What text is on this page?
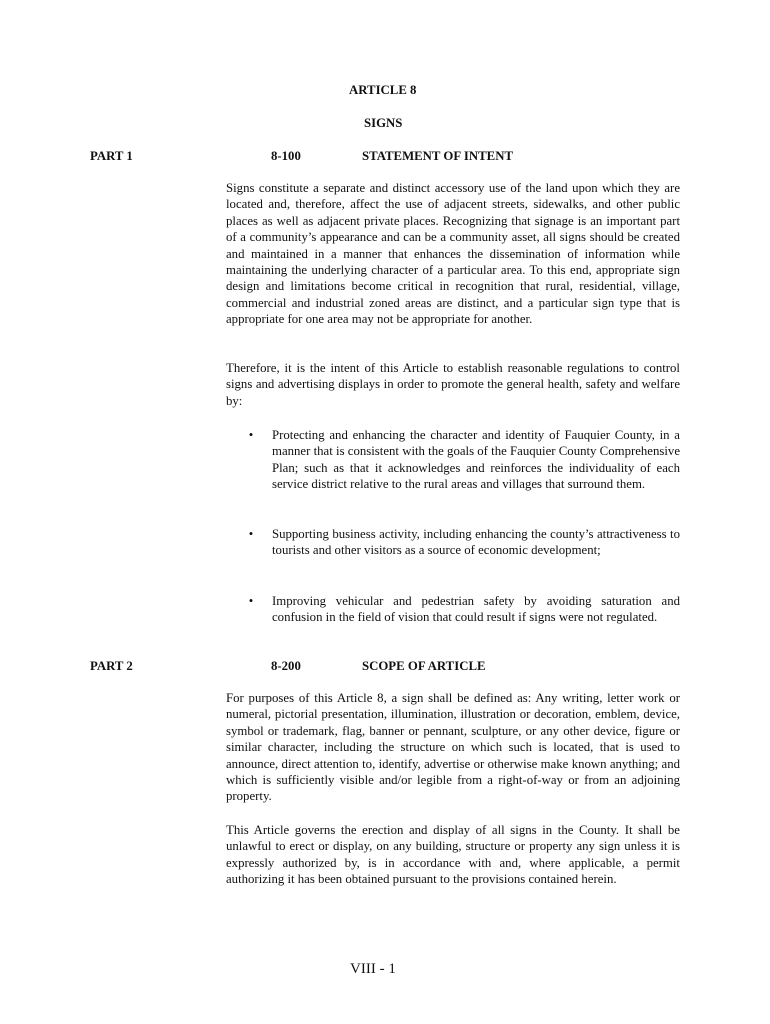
ARTICLE 8
SIGNS
PART 1	8-100	STATEMENT OF INTENT

Signs constitute a separate and distinct accessory use of the land upon which they are located and, therefore, affect the use of adjacent streets, sidewalks, and other public places as well as adjacent private places. Recognizing that signage is an important part of a community’s appearance and can be a community asset, all signs should be created and maintained in a manner that enhances the dissemination of information while maintaining the underlying character of a particular area. To this end, appropriate sign design and limitations become critical in recognition that rural, residential, village, commercial and industrial zoned areas are distinct, and a particular sign type that is appropriate for one area may not be appropriate for another.

Therefore, it is the intent of this Article to establish reasonable regulations to control signs and advertising displays in order to promote the general health, safety and welfare by:

• Protecting and enhancing the character and identity of Fauquier County, in a manner that is consistent with the goals of the Fauquier County Comprehensive Plan; such as that it acknowledges and reinforces the individuality of each service district relative to the rural areas and villages that surround them.

• Supporting business activity, including enhancing the county’s attractiveness to tourists and other visitors as a source of economic development;

• Improving vehicular and pedestrian safety by avoiding saturation and confusion in the field of vision that could result if signs were not regulated.

PART 2	8-200	SCOPE OF ARTICLE

For purposes of this Article 8, a sign shall be defined as: Any writing, letter work or numeral, pictorial presentation, illumination, illustration or decoration, emblem, device, symbol or trademark, flag, banner or pennant, sculpture, or any other device, figure or similar character, including the structure on which such is located, that is used to announce, direct attention to, identify, advertise or otherwise make known anything; and which is sufficiently visible and/or legible from a right-of-way or from an adjoining property.

This Article governs the erection and display of all signs in the County. It shall be unlawful to erect or display, on any building, structure or property any sign unless it is expressly authorized by, is in accordance with and, where applicable, a permit authorizing it has been obtained pursuant to the provisions contained herein.

VIII - 1
